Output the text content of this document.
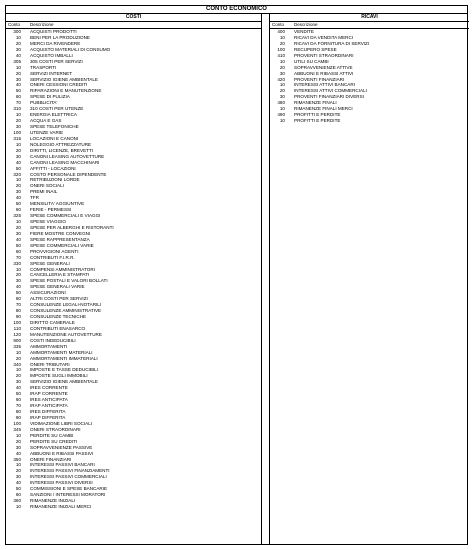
CONTO ECONOMICO
COSTI
Conto	Descrizione
300 ACQUISTI PRODOTTI
10 BENI PER LA PRODUZIONE
20 MERCI DA RIVENDERE
30 ACQUISTO MATERIALI DI CONSUMO
40 ACQUISTO IMBALLI
305 305 COSTI PER SERVIZI
10 TRASPORTI
20 SERVIZI INTERNET
30 SERVIZIO IGIENE AMBIENTALE
40 ONERI CESSIONI CREDITI
50 RIPARAZIONI E MANUTENZIONE
60 SPESE DI PULIZIA
70 PUBBLICITA'
310 310 COSTI PER UTENZE
10 ENERGIA ELETTRICA
20 ACQUA E GAS
30 SPESE TELEFONICHE
100 UTENZE VARIE
315 LOCAZIONI E CANONI
10 NOLEGGIO ATTREZZATURE
20 DIRITTI, LICENZE, BREVETTI
30 CANONI LEASING AUTOVETTURE
40 CANONI LEASING MACCHINARI
50 AFFITTI - LOCAZIONI
320 COSTO PERSONALE DIPENDENTE
10 RETRIBUZIONI LORDE
20 ONERI SOCIALI
30 PREMI INAIL
40 TFR
50 MENSILITA' AGGIUNTIVE
60 FERIE - PERMESSI
325 SPESE COMMERCIALI E VIAGGI
10 SPESE VIAGGIO
20 SPESE PER ALBERGHI E RISTORANTI
30 FIERE MOSTRE CONVEGNI
40 SPESE RAPPRESENTANZA
50 SPESE COMMERCIALI VARIE
60 PROVVIGIONI AGENTI
70 CONTRIBUTI F.I.R.R.
330 SPESE GENERALI
10 COMPENSI AMMINISTRATORI
20 CANCELLERIA E STAMPATI
30 SPESE POSTALI E VALORI BOLLATI
40 SPESE GENERALI VARIE
50 ASSICURAZIONI
60 ALTRI COSTI PER SERVIZI
70 CONSULENZE LEGALI-NOTARILI
80 CONSULENZE AMMINISTRATIVE
90 CONSULENZE TECNICHE
100 DIRITTO CAMERALE
110 CONTRIBUTI ENASARCO
120 MANUTENZIONE AUTOVETTURE
900 COSTI INDEDUCIBILI
335 AMMORTAMENTI
10 AMMORTAMENTI MATERIALI
20 AMMORTAMENTI IMMATERIALI
340 ONERI TRIBUTARI
10 IMPOSTE E TASSE DEDUCIBILI
20 IMPOSTE SUGLI IMMOBILI
30 SERVIZIO IGIENE AMBIENTALE
40 IRES CORRENTE
50 IRAP CORRENTE
60 IRES ANTICIPATA
70 IRAP ANTICIPATA
80 IRES DIFFERITA
90 IRAP DIFFERITA
100 VIDIMAZIONE LIBRI SOCIALI
345 ONERI STRAORDINARI
10 PERDITE SU CAMBI
20 PERDITE SU CREDITI
30 SOPRAVVENIENZE PASSIVE
40 ABBUONI E RIBASSI PASSIVI
350 ONERI FINANZIARI
10 INTERESSI PASSIVI BANCARI
20 INTERESSI PASSIVI FINANZIAMENTI
30 INTERESSI PASSIVI COMMERCIALI
40 INTERESSI PASSIVI DIVERSI
50 COMMISSIONI E SPESE BANCARIE
60 SANZIONI / INTERESSI MORATORI
360 RIMANENZE INIZIALI
10 RIMANENZE INIZIALI MERCI
RICAVI
Conto	Descrizione
400 VENDITE
10 RICAVI DA VENDITA MERCI
20 RICAVI DA FORNITURA DI SERVIZI
100 RECUPERO SPESE
410 PROVENTI STRAORDINARI
10 UTILI SU CAMBI
20 SOPRAVVENIENZE ATTIVE
30 ABBUONI E RIBASSI ATTIVI
420 PROVENTI FINANZIARI
10 INTERESSI ATTIVI BANCARI
20 INTERESSI ATTIVI COMMERCIALI
30 PROVENTI FINANZIARI DIVERSI
480 RIMANENZE FINALI
10 RIMANENZE FINALI MERCI
490 PROFITTI E PERDITE
10 PROFITTI E PERDITE
